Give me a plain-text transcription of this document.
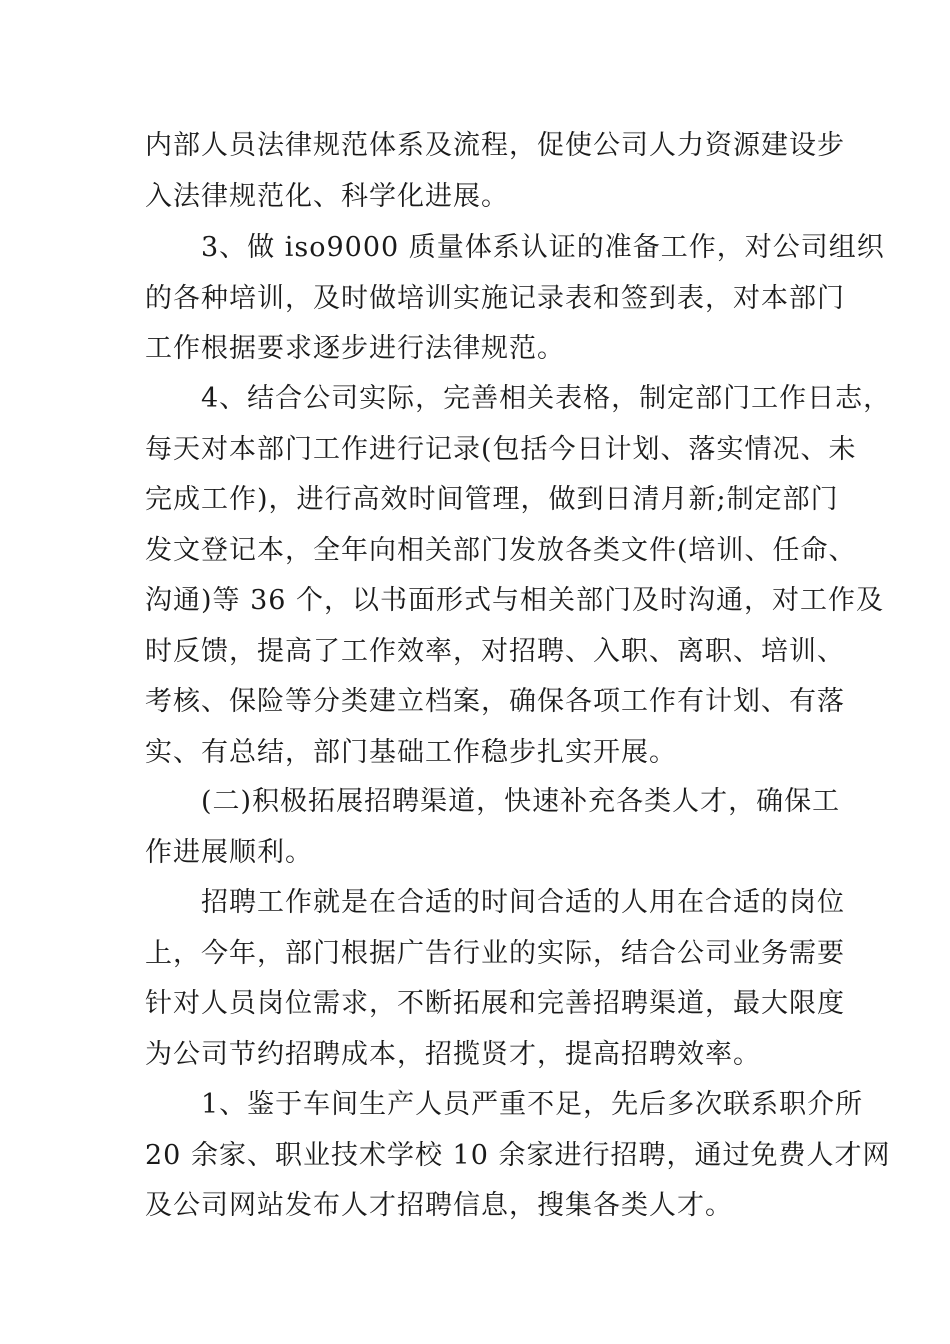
内部人员法律规范体系及流程，促使公司人力资源建设步
入法律规范化、科学化进展。
3、做 iso9000 质量体系认证的准备工作，对公司组织
的各种培训，及时做培训实施记录表和签到表，对本部门
工作根据要求逐步进行法律规范。
4、结合公司实际，完善相关表格，制定部门工作日志，
每天对本部门工作进行记录(包括今日计划、落实情况、未
完成工作)，进行高效时间管理，做到日清月新;制定部门
发文登记本，全年向相关部门发放各类文件(培训、任命、
沟通)等 36 个，以书面形式与相关部门及时沟通，对工作及
时反馈，提高了工作效率，对招聘、入职、离职、培训、
考核、保险等分类建立档案，确保各项工作有计划、有落
实、有总结，部门基础工作稳步扎实开展。
(二)积极拓展招聘渠道，快速补充各类人才，确保工
作进展顺利。
招聘工作就是在合适的时间合适的人用在合适的岗位
上，今年，部门根据广告行业的实际，结合公司业务需要
针对人员岗位需求，不断拓展和完善招聘渠道，最大限度
为公司节约招聘成本，招揽贤才，提高招聘效率。
1、鉴于车间生产人员严重不足，先后多次联系职介所
20 余家、职业技术学校 10 余家进行招聘，通过免费人才网
及公司网站发布人才招聘信息，搜集各类人才。
